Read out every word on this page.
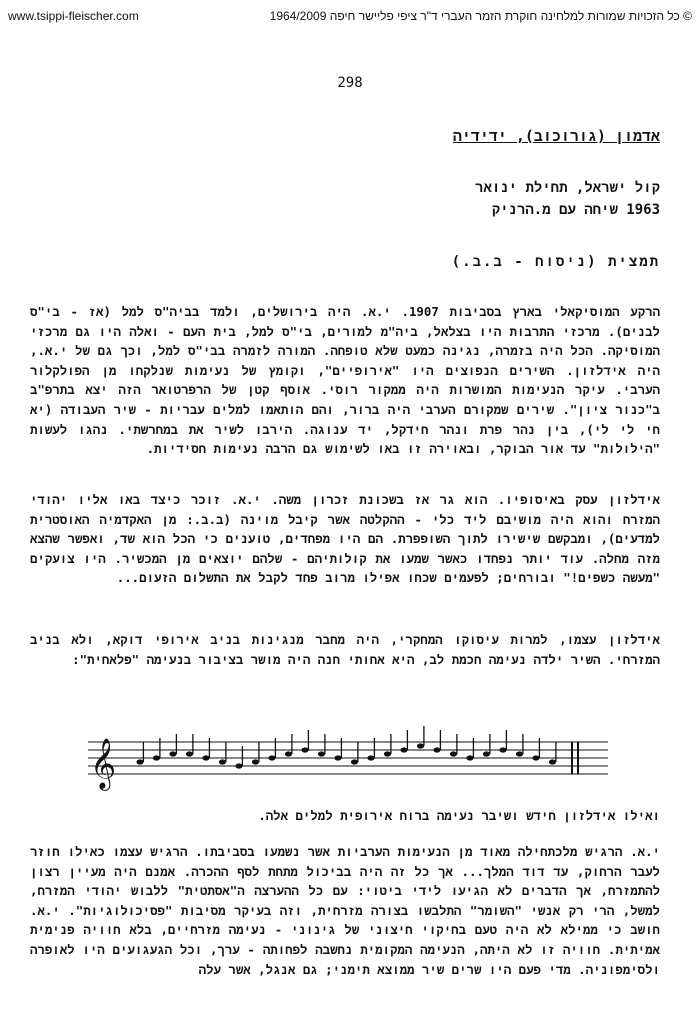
www.tsippi-fleischer.com	© כל הזכויות שמורות למלחינה חוקרת הזמר העברי ד"ר ציפי פליישר חיפה 1964/2009
298
אדמון (גורוכוב), ידידיה
קול ישראל, תחילת ינואר
1963 שיחה עם מ.הרניק
תמצית (ניסוח - ב.ב.)
הרקע המוסיקאלי בארץ בסביבות 1907. י.א. היה בירושלים, ולמד בביה"ס למל (אז - בי"ס לבנים). מרכזי התרבות היו בצלאל, ביה"מ למורים, בי"ס למל, בית העם - ואלה היו גם מרכזי המוסיקה. הכל היה בזמרה, נגינה כמעט שלא טופחה. המורה לזמרה בבי"ס למל, וכך גם של י.א., היה אידלזון. השירים הנפוצים היו "אירופיים", וקומץ של נעימות שנלקחו מן הפולקלור הערבי. עיקר הנעימות המושרות היה ממקור רוסי. אוסף קטן של הרפרטואר הזה יצא בתרפ"ב ב"כנור ציון". שירים שמקורם הערבי היה ברור, והם הותאמו למלים עבריות - שיר העבודה (יא חי לי לי), בין נהר פרת ונהר חידקל, יד ענוגה. הירבו לשיר את במחרשתי. נהגו לעשות "הילולות" עד אור הבוקר, ובאוירה זו באו לשימוש גם הרבה נעימות חסידיות.
אידלזון עסק באיסופיו. הוא גר אז בשכונת זכרון משה. י.א. זוכר כיצד באו אליו יהודי המזרח והוא היה מושיבם ליד כלי - ההקלטה אשר קיבל מוינה (ב.ב.: מן האקדמיה האוסטרית למדעים), ומבקשם שישירו לתוך השופפרת. הם היו מפחדים, טוענים כי הכל הוא שד, ואפשר שהצא מזה מחלה. עוד יותר נפחדו כאשר שמעו את קולותיהם - שלהם יוצאים מן המכשיר. היו צועקים "מעשה כשפים!" ובורחים; לפעמים שכחו אפילו מרוב פחד לקבל את התשלום הזעום...
אידלזון עצמו, למרות עיסוקו המחקרי, היה מחבר מנגינות בניב אירופי דוקא, ולא בניב המזרחי. השיר ילדה נעימה חכמת לב, היא אחותי חנה היה מושר בציבור בנעימה "פלאחית":
𝄞
ואילו אידלזון חידש ושיבר נעימה ברוח אירופית למלים אלה.
י.א. הרגיש מלכתחילה מאוד מן הנעימות הערביות אשר נשמעו בסביבתו. הרגיש עצמו כאילו חוזר לעבר הרחוק, עד דוד המלך... אך כל זה היה בביכול מתחת לסף ההכרה. אמנם היה מעיין רצון להתמזרח, אך הדברים לא הגיעו לידי ביטוי: עם כל ההערצה ה"אסתטית" ללבוש יהודי המזרח, למשל, הרי רק אנשי "השומר" התלבשו בצורה מזרחית, וזה בעיקר מסיבות "פסיכולוגיות". י.א. חושב כי ממילא לא היה טעם בחיקוי חיצוני של גינוני - נעימה מזרחיים, בלא חוויה פנימית אמיתית. חוויה זו לא היתה, הנעימה המקומית נחשבה לפחותה - ערך, וכל הגעגועים היו לאופרה ולסימפוניה. מדי פעם היו שרים שיר ממוצא תימני; גם אנגל, אשר עלה
